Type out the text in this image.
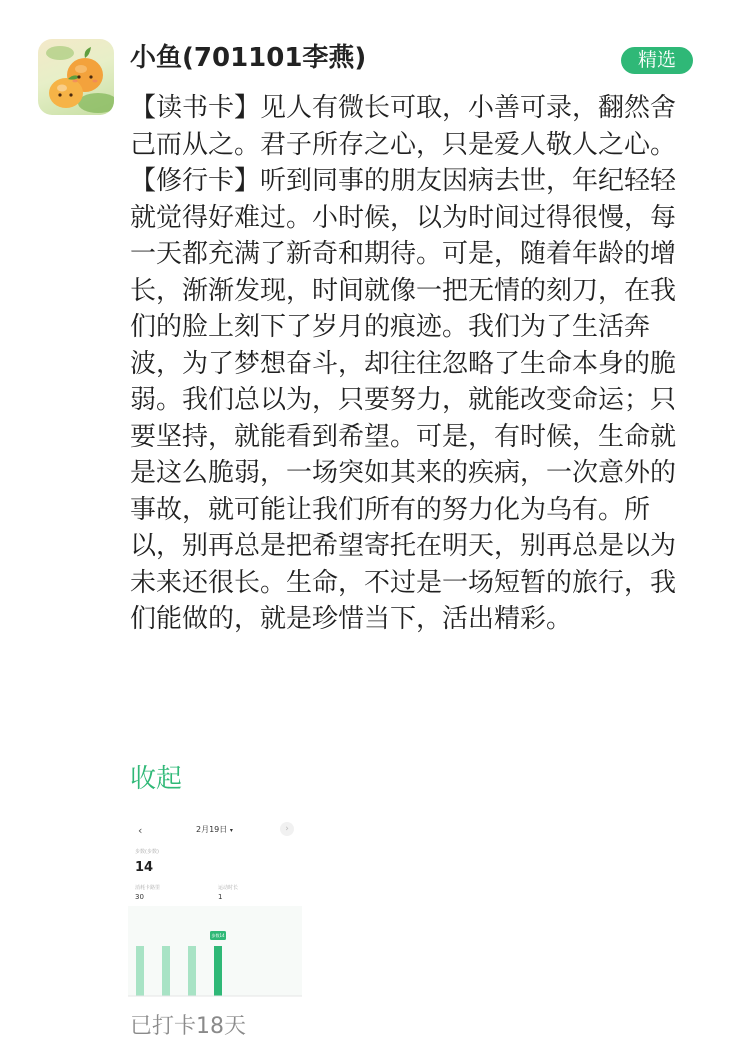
小鱼(701101李燕)	精选

【读书卡】见人有微长可取，小善可录，翻然舍己而从之。君子所存之心，只是爱人敬人之心。

【修行卡】听到同事的朋友因病去世，年纪轻轻就觉得好难过。小时候，以为时间过得很慢，每一天都充满了新奇和期待。可是，随着年龄的增长，渐渐发现，时间就像一把无情的刻刀，在我们的脸上刻下了岁月的痕迹。我们为了生活奔波，为了梦想奋斗，却往往忽略了生命本身的脆弱。我们总以为，只要努力，就能改变命运；只要坚持，就能看到希望。可是，有时候，生命就是这么脆弱，一场突如其来的疾病，一次意外的事故，就可能让我们所有的努力化为乌有。所以，别再总是把希望寄托在明天，别再总是以为未来还很长。生命，不过是一场短暂的旅行，我们能做的，就是珍惜当下，活出精彩。

收起
‹	2月19日 ▾	›
步数(步数)
14
消耗卡路里
30
运动时长
1
步数14
已打卡18天
